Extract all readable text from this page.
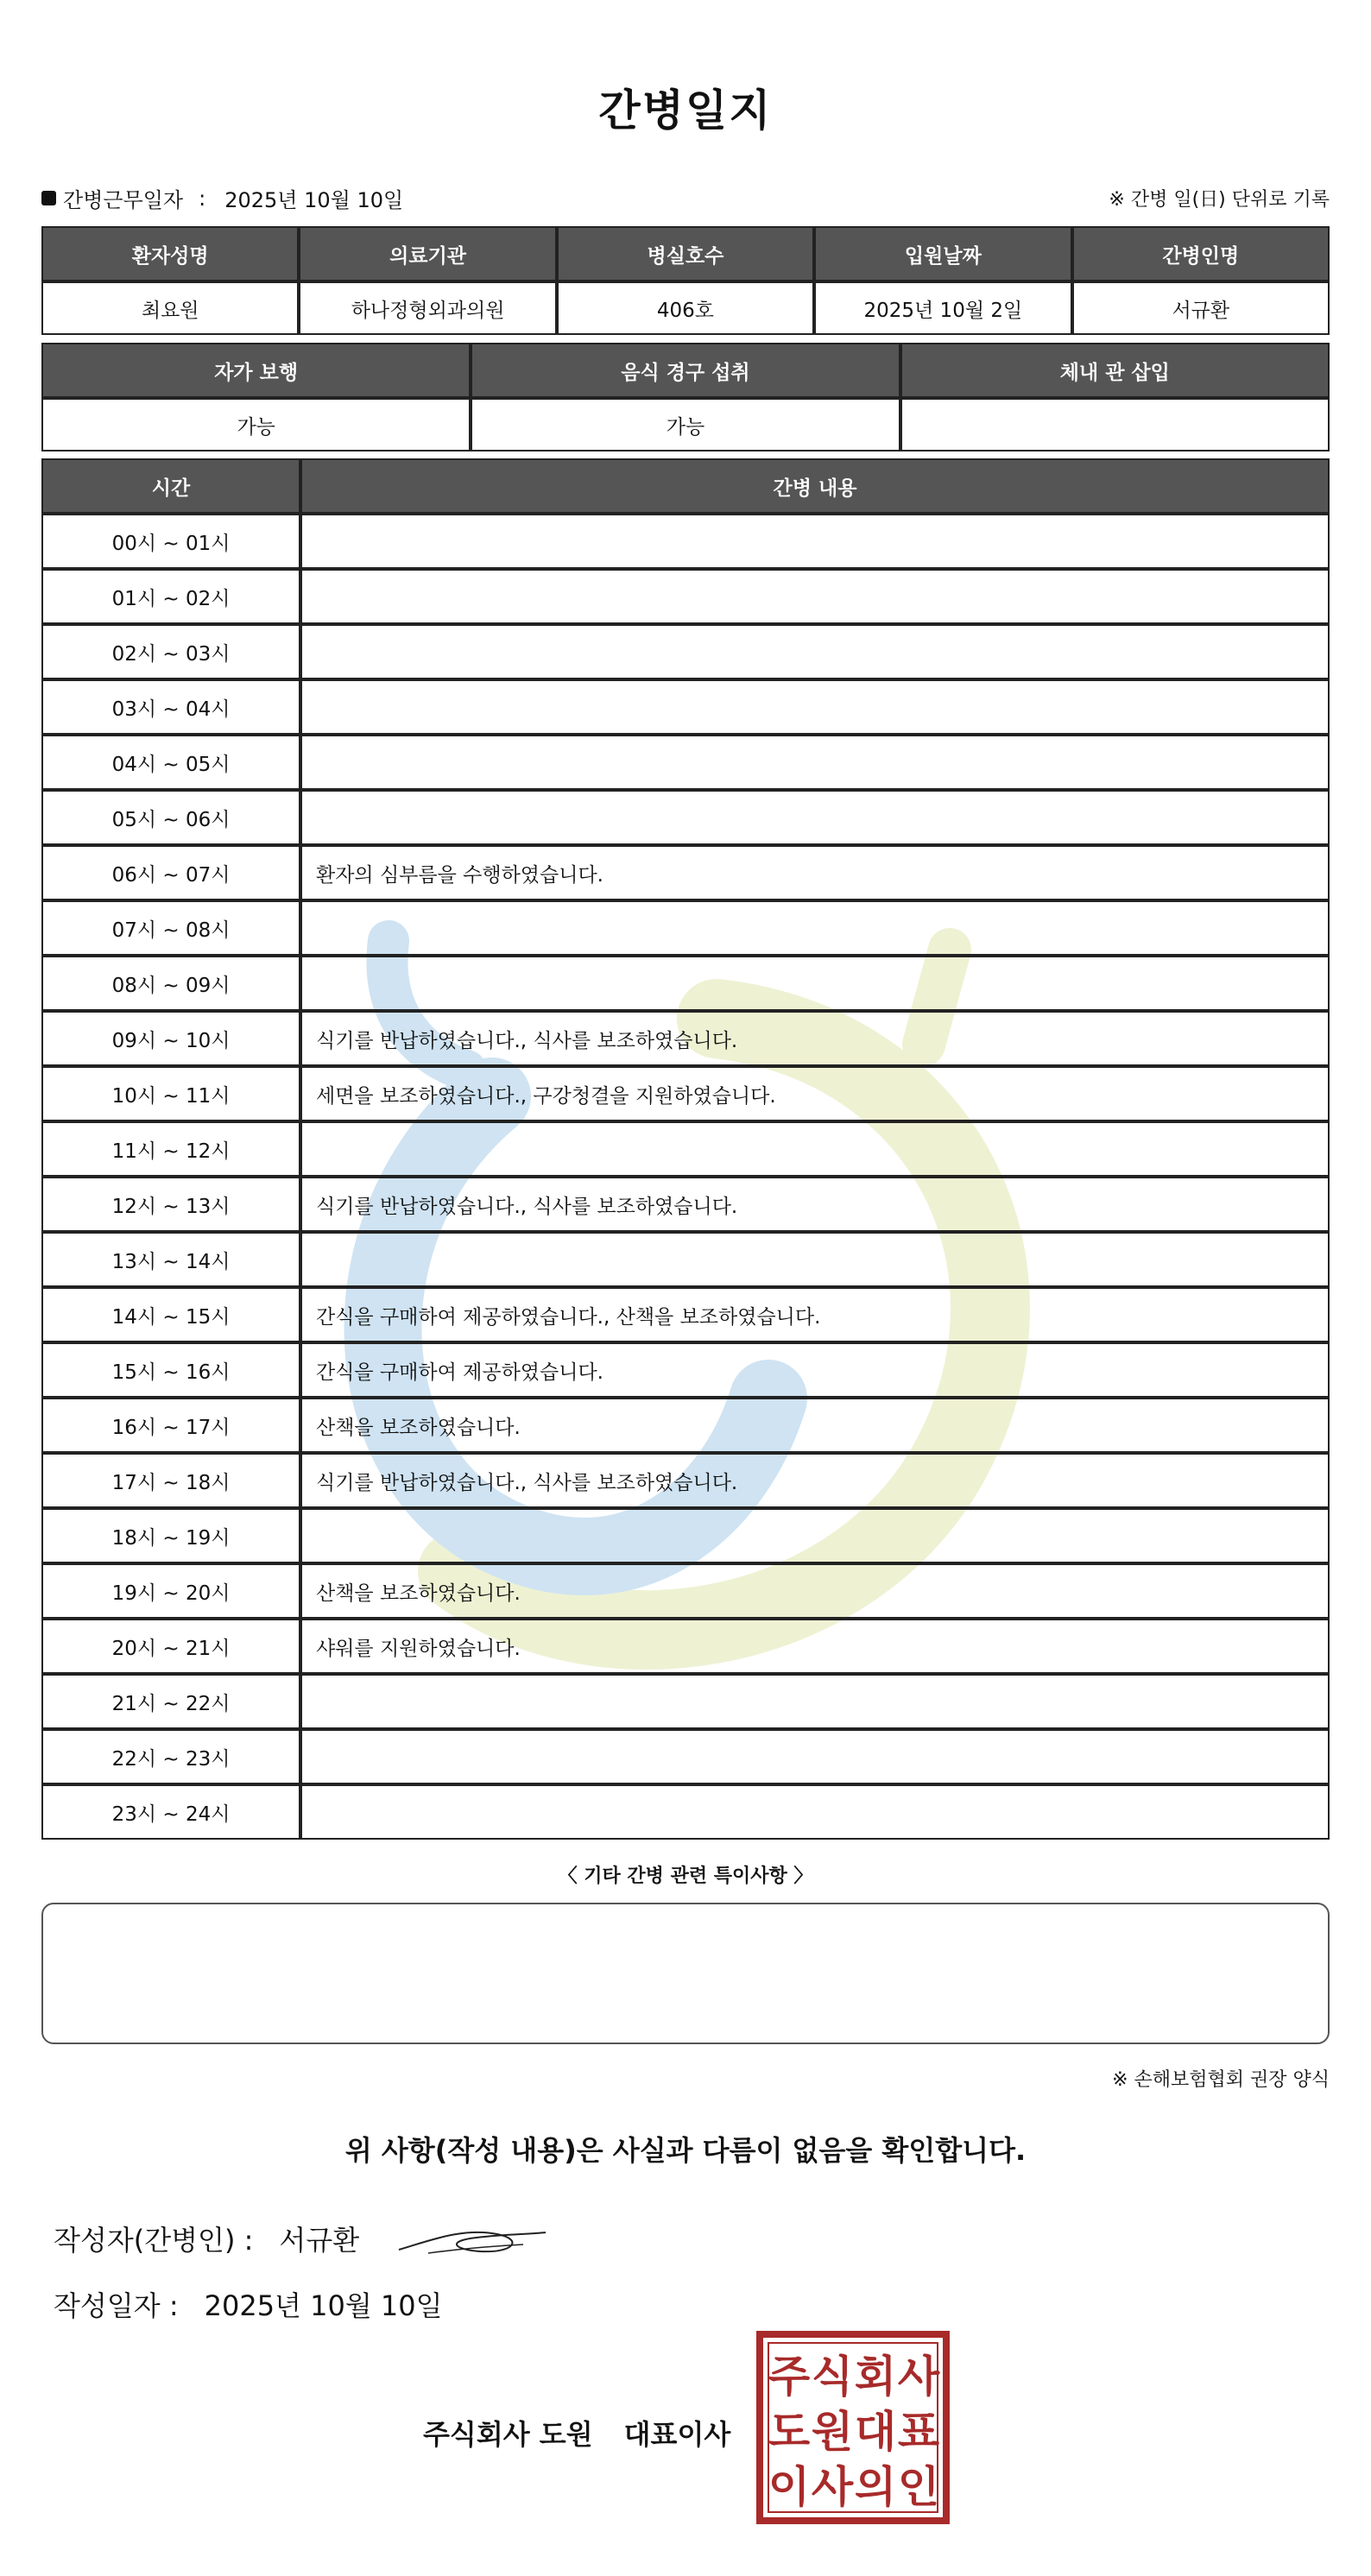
간병일지
간병근무일자 : 2025년 10월 10일	※ 간병 일(日) 단위로 기록
환자성명	의료기관	병실호수	입원날짜	간병인명
최요원	하나정형외과의원	406호	2025년 10월 2일	서규환
자가 보행	음식 경구 섭취	체내 관 삽입
가능	가능	
시간	간병 내용
00시 ~ 01시	
01시 ~ 02시	
02시 ~ 03시	
03시 ~ 04시	
04시 ~ 05시	
05시 ~ 06시	
06시 ~ 07시	환자의 심부름을 수행하였습니다.
07시 ~ 08시	
08시 ~ 09시	
09시 ~ 10시	식기를 반납하였습니다., 식사를 보조하였습니다.
10시 ~ 11시	세면을 보조하였습니다., 구강청결을 지원하였습니다.
11시 ~ 12시	
12시 ~ 13시	식기를 반납하였습니다., 식사를 보조하였습니다.
13시 ~ 14시	
14시 ~ 15시	간식을 구매하여 제공하였습니다., 산책을 보조하였습니다.
15시 ~ 16시	간식을 구매하여 제공하였습니다.
16시 ~ 17시	산책을 보조하였습니다.
17시 ~ 18시	식기를 반납하였습니다., 식사를 보조하였습니다.
18시 ~ 19시	
19시 ~ 20시	산책을 보조하였습니다.
20시 ~ 21시	샤워를 지원하였습니다.
21시 ~ 22시	
22시 ~ 23시	
23시 ~ 24시	
〈 기타 간병 관련 특이사항 〉
※ 손해보험협회 권장 양식
위 사항(작성 내용)은 사실과 다름이 없음을 확인합니다.
작성자(간병인) : 서규환
작성일자 : 2025년 10월 10일
주식회사 도원 대표이사
주 식 회 사
도 원 대 표
이 사 의 인
